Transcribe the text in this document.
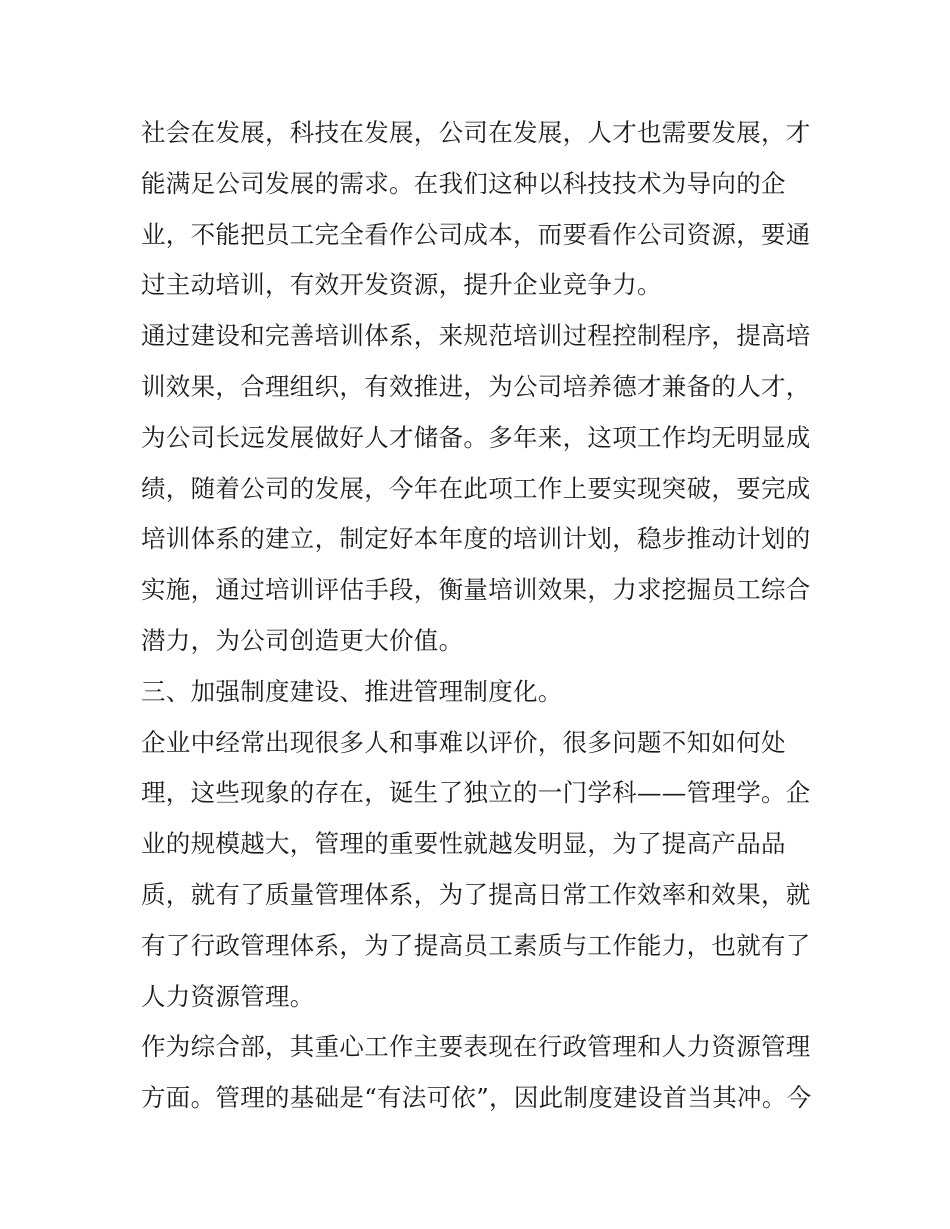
社会在发展，科技在发展，公司在发展，人才也需要发展，才
能满足公司发展的需求。在我们这种以科技技术为导向的企
业，不能把员工完全看作公司成本，而要看作公司资源，要通
过主动培训，有效开发资源，提升企业竞争力。
通过建设和完善培训体系，来规范培训过程控制程序，提高培
训效果，合理组织，有效推进，为公司培养德才兼备的人才，
为公司长远发展做好人才储备。多年来，这项工作均无明显成
绩，随着公司的发展，今年在此项工作上要实现突破，要完成
培训体系的建立，制定好本年度的培训计划，稳步推动计划的
实施，通过培训评估手段，衡量培训效果，力求挖掘员工综合
潜力，为公司创造更大价值。
三、加强制度建设、推进管理制度化。
企业中经常出现很多人和事难以评价，很多问题不知如何处
理，这些现象的存在，诞生了独立的一门学科——管理学。企
业的规模越大，管理的重要性就越发明显，为了提高产品品
质，就有了质量管理体系，为了提高日常工作效率和效果，就
有了行政管理体系，为了提高员工素质与工作能力，也就有了
人力资源管理。
作为综合部，其重心工作主要表现在行政管理和人力资源管理
方面。管理的基础是“有法可依”，因此制度建设首当其冲。今
